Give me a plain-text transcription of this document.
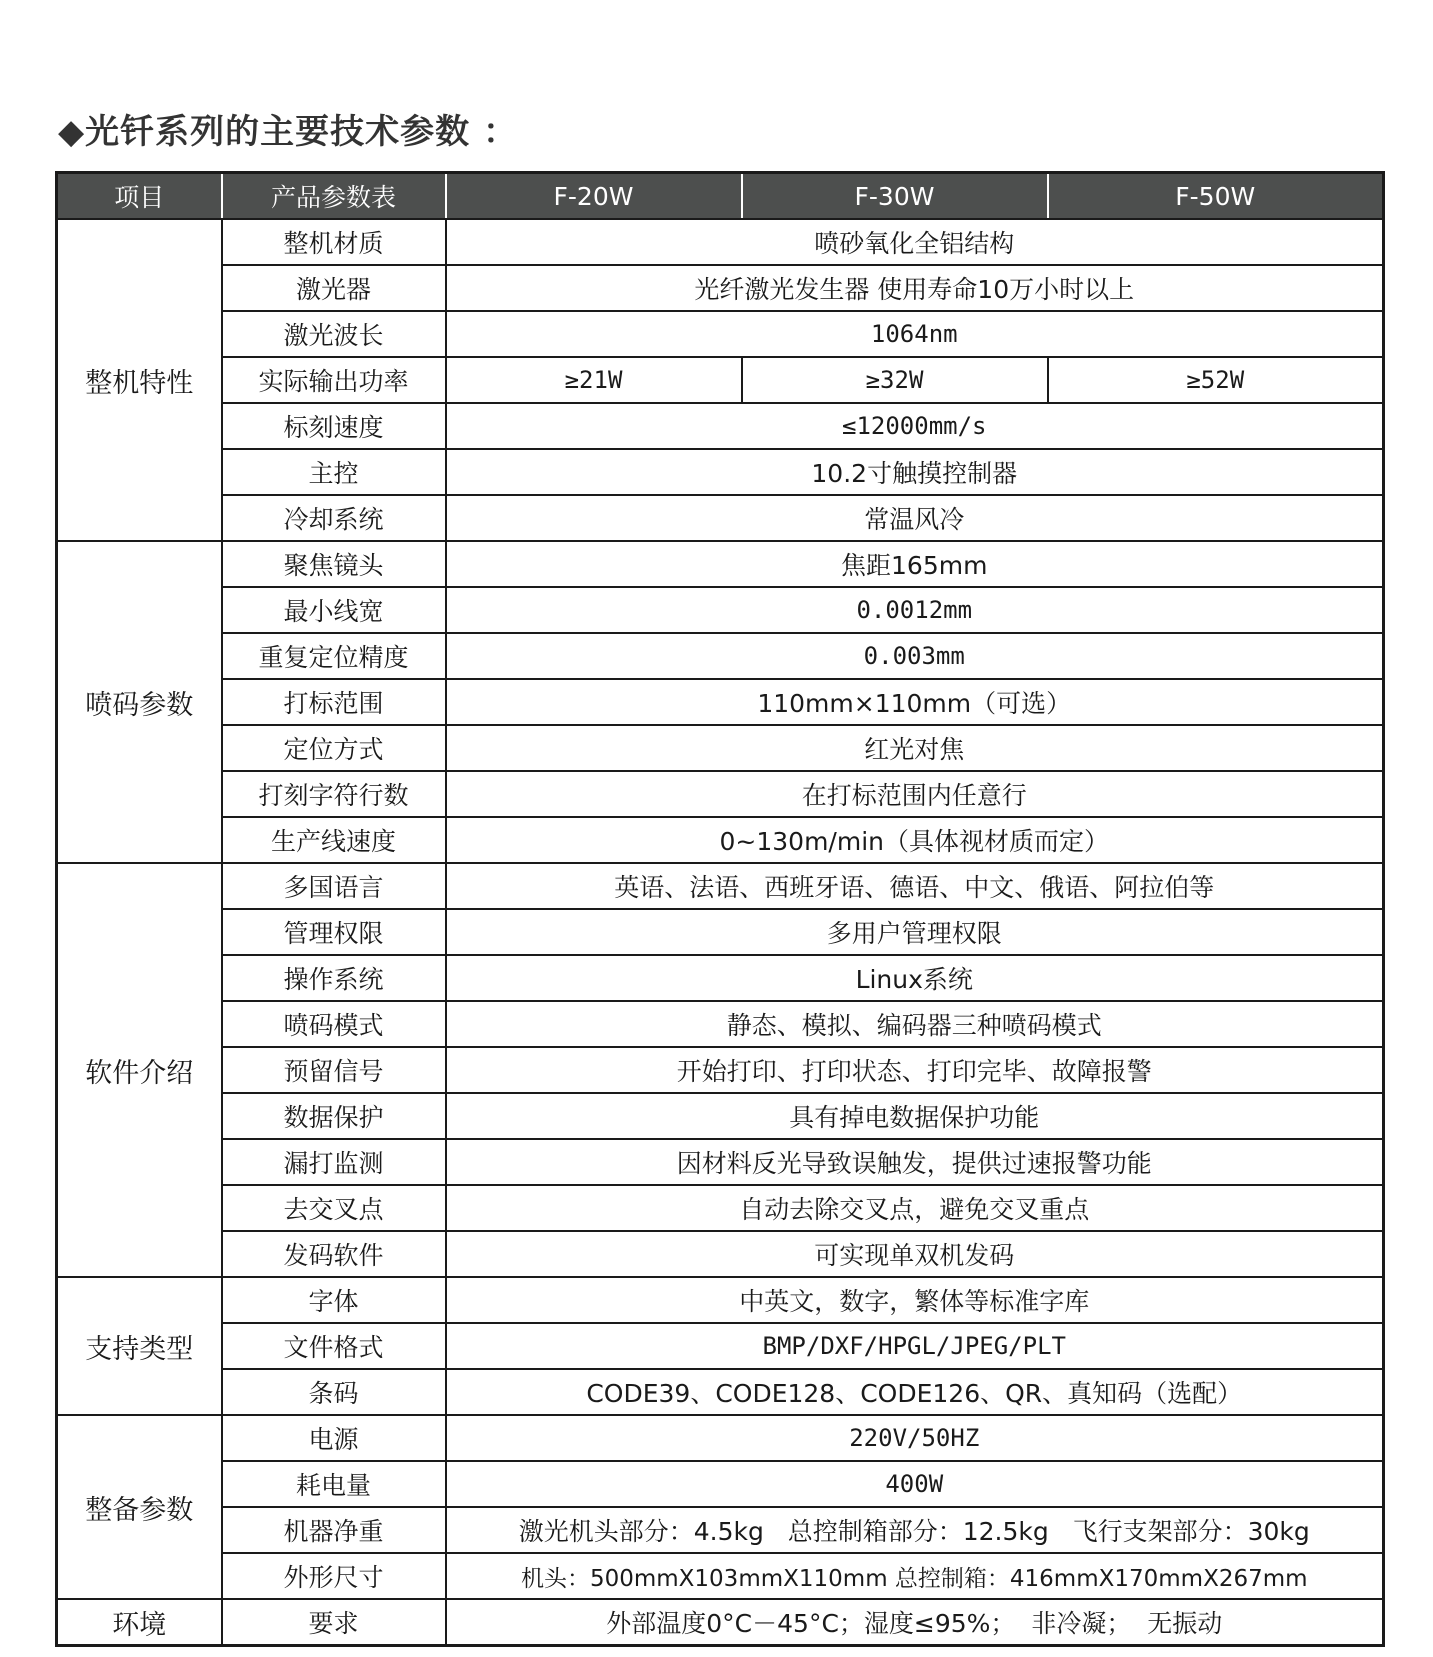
◆光钎系列的主要技术参数 ：
项目	产品参数表	F-20W	F-30W	F-50W
整机特性	整机材质	喷砂氧化全铝结构		
	激光器	光纤激光发生器 使用寿命10万小时以上		
	激光波长	1064nm		
	实际输出功率	≥21W	≥32W	≥52W
	标刻速度	≤12000mm/s		
	主控	10.2寸触摸控制器		
	冷却系统	常温风冷		
喷码参数	聚焦镜头	焦距165mm		
	最小线宽	0.0012mm		
	重复定位精度	0.003mm		
	打标范围	110mm×110mm（可选）		
	定位方式	红光对焦		
	打刻字符行数	在打标范围内任意行		
	生产线速度	0~130m/min（具体视材质而定）		
软件介绍	多国语言	英语、法语、西班牙语、德语、中文、俄语、阿拉伯等		
	管理权限	多用户管理权限		
	操作系统	Linux系统		
	喷码模式	静态、模拟、编码器三种喷码模式		
	预留信号	开始打印、打印状态、打印完毕、故障报警		
	数据保护	具有掉电数据保护功能		
	漏打监测	因材料反光导致误触发，提供过速报警功能		
	去交叉点	自动去除交叉点，避免交叉重点		
	发码软件	可实现单双机发码		
支持类型	字体	中英文，数字，繁体等标准字库		
	文件格式	BMP/DXF/HPGL/JPEG/PLT		
	条码	CODE39、CODE128、CODE126、QR、真知码（选配）		
整备参数	电源	220V/50HZ		
	耗电量	400W		
	机器净重	激光机头部分：4.5kg   总控制箱部分：12.5kg   飞行支架部分：30kg		
	外形尺寸	机头：500mmX103mmX110mm 总控制箱：416mmX170mmX267mm		
环境	要求	外部温度0°C－45°C；湿度≤95%；  非冷凝；  无振动		
